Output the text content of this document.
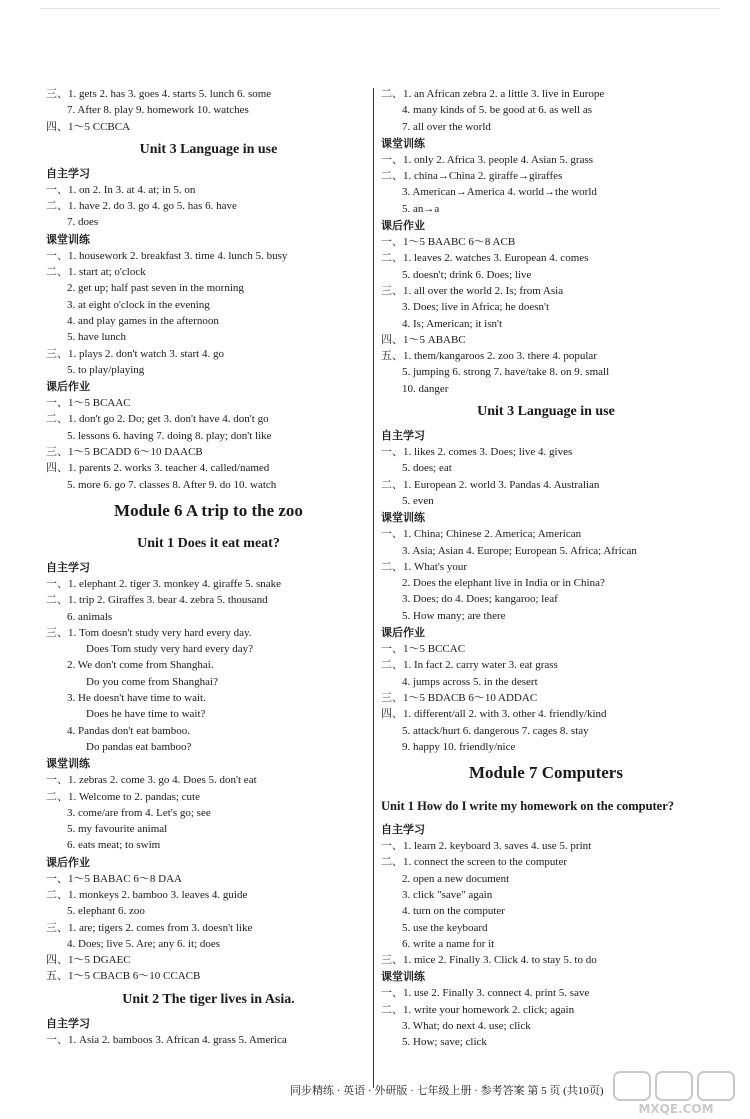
三、1. gets 2. has 3. goes 4. starts 5. lunch 6. some
7. After 8. play 9. homework 10. watches
四、1～5 CCBCA
Unit 3 Language in use
自主学习
一、1. on 2. In 3. at 4. at; in 5. on
二、1. have 2. do 3. go 4. go 5. has 6. have
7. does
课堂训练
一、1. housework 2. breakfast 3. time 4. lunch 5. busy
二、1. start at; o'clock
2. get up; half past seven in the morning
3. at eight o'clock in the evening
4. and play games in the afternoon
5. have lunch
三、1. plays 2. don't watch 3. start 4. go
5. to play/playing
课后作业
一、1～5 BCAAC
二、1. don't go 2. Do; get 3. don't have 4. don't go
5. lessons 6. having 7. doing 8. play; don't like
三、1～5 BCADD 6～10 DAACB
四、1. parents 2. works 3. teacher 4. called/named
5. more 6. go 7. classes 8. After 9. do 10. watch
Module 6 A trip to the zoo
Unit 1 Does it eat meat?
自主学习
一、1. elephant 2. tiger 3. monkey 4. giraffe 5. snake
二、1. trip 2. Giraffes 3. bear 4. zebra 5. thousand
6. animals
三、1. Tom doesn't study very hard every day.
Does Tom study very hard every day?
2. We don't come from Shanghai.
Do you come from Shanghai?
3. He doesn't have time to wait.
Does he have time to wait?
4. Pandas don't eat bamboo.
Do pandas eat bamboo?
课堂训练
一、1. zebras 2. come 3. go 4. Does 5. don't eat
二、1. Welcome to 2. pandas; cute
3. come/are from 4. Let's go; see
5. my favourite animal
6. eats meat; to swim
课后作业
一、1～5 BABAC 6～8 DAA
二、1. monkeys 2. bamboo 3. leaves 4. guide
5. elephant 6. zoo
三、1. are; tigers 2. comes from 3. doesn't like
4. Does; live 5. Are; any 6. it; does
四、1～5 DGAEC
五、1～5 CBACB 6～10 CCACB
Unit 2 The tiger lives in Asia.
自主学习
一、1. Asia 2. bamboos 3. African 4. grass 5. America
二、1. an African zebra 2. a little 3. live in Europe
4. many kinds of 5. be good at 6. as well as
7. all over the world
课堂训练
一、1. only 2. Africa 3. people 4. Asian 5. grass
二、1. china→China 2. giraffe→giraffes
3. American→America 4. world→the world
5. an→a
课后作业
一、1～5 BAABC 6～8 ACB
二、1. leaves 2. watches 3. European 4. comes
5. doesn't; drink 6. Does; live
三、1. all over the world 2. Is; from Asia
3. Does; live in Africa; he doesn't
4. Is; American; it isn't
四、1～5 ABABC
五、1. them/kangaroos 2. zoo 3. there 4. popular
5. jumping 6. strong 7. have/take 8. on 9. small
10. danger
Unit 3 Language in use
自主学习
一、1. likes 2. comes 3. Does; live 4. gives
5. does; eat
二、1. European 2. world 3. Pandas 4. Australian
5. even
课堂训练
一、1. China; Chinese 2. America; American
3. Asia; Asian 4. Europe; European 5. Africa; African
二、1. What's your
2. Does the elephant live in India or in China?
3. Does; do 4. Does; kangaroo; leaf
5. How many; are there
课后作业
一、1～5 BCCAC
二、1. In fact 2. carry water 3. eat grass
4. jumps across 5. in the desert
三、1～5 BDACB 6～10 ADDAC
四、1. different/all 2. with 3. other 4. friendly/kind
5. attack/hurt 6. dangerous 7. cages 8. stay
9. happy 10. friendly/nice
Module 7 Computers
Unit 1 How do I write my homework on the computer?
自主学习
一、1. learn 2. keyboard 3. saves 4. use 5. print
二、1. connect the screen to the computer
2. open a new document
3. click "save" again
4. turn on the computer
5. use the keyboard
6. write a name for it
三、1. mice 2. Finally 3. Click 4. to stay 5. to do
课堂训练
一、1. use 2. Finally 3. connect 4. print 5. save
二、1. write your homework 2. click; again
3. What; do next 4. use; click
5. How; save; click
同步精练 · 英语 · 外研版 · 七年级上册 · 参考答案 第 5 页 (共10页)
MXQE.COM
